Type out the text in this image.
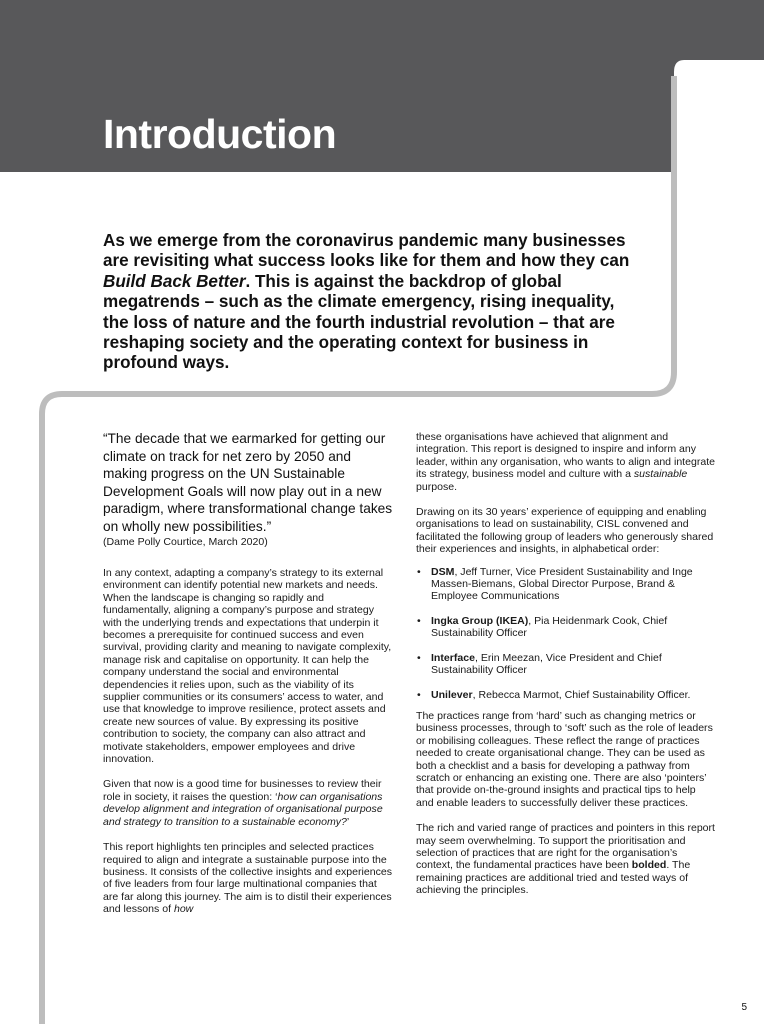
Introduction

As we emerge from the coronavirus pandemic many businesses are revisiting what success looks like for them and how they can Build Back Better. This is against the backdrop of global megatrends – such as the climate emergency, rising inequality, the loss of nature and the fourth industrial revolution – that are reshaping society and the operating context for business in profound ways.

“The decade that we earmarked for getting our climate on track for net zero by 2050 and making progress on the UN Sustainable Development Goals will now play out in a new paradigm, where transformational change takes on wholly new possibilities.”

(Dame Polly Courtice, March 2020)

In any context, adapting a company’s strategy to its external environment can identify potential new markets and needs. When the landscape is changing so rapidly and fundamentally, aligning a company’s purpose and strategy with the underlying trends and expectations that underpin it becomes a prerequisite for continued success and even survival, providing clarity and meaning to navigate complexity, manage risk and capitalise on opportunity. It can help the company understand the social and environmental dependencies it relies upon, such as the viability of its supplier communities or its consumers’ access to water, and use that knowledge to improve resilience, protect assets and create new sources of value. By expressing its positive contribution to society, the company can also attract and motivate stakeholders, empower employees and drive innovation.

Given that now is a good time for businesses to review their role in society, it raises the question: ‘how can organisations develop alignment and integration of organisational purpose and strategy to transition to a sustainable economy?’

This report highlights ten principles and selected practices required to align and integrate a sustainable purpose into the business. It consists of the collective insights and experiences of five leaders from four large multinational companies that are far along this journey. The aim is to distil their experiences and lessons of how

these organisations have achieved that alignment and integration. This report is designed to inspire and inform any leader, within any organisation, who wants to align and integrate its strategy, business model and culture with a sustainable purpose.

Drawing on its 30 years’ experience of equipping and enabling organisations to lead on sustainability, CISL convened and facilitated the following group of leaders who generously shared their experiences and insights, in alphabetical order:

• DSM, Jeff Turner, Vice President Sustainability and Inge Massen-Biemans, Global Director Purpose, Brand & Employee Communications
• Ingka Group (IKEA), Pia Heidenmark Cook, Chief Sustainability Officer
• Interface, Erin Meezan, Vice President and Chief Sustainability Officer
• Unilever, Rebecca Marmot, Chief Sustainability Officer.

The practices range from ‘hard’ such as changing metrics or business processes, through to ‘soft’ such as the role of leaders or mobilising colleagues. These reflect the range of practices needed to create organisational change. They can be used as both a checklist and a basis for developing a pathway from scratch or enhancing an existing one. There are also ‘pointers’ that provide on-the-ground insights and practical tips to help and enable leaders to successfully deliver these practices.

The rich and varied range of practices and pointers in this report may seem overwhelming. To support the prioritisation and selection of practices that are right for the organisation’s context, the fundamental practices have been bolded. The remaining practices are additional tried and tested ways of achieving the principles.

5
